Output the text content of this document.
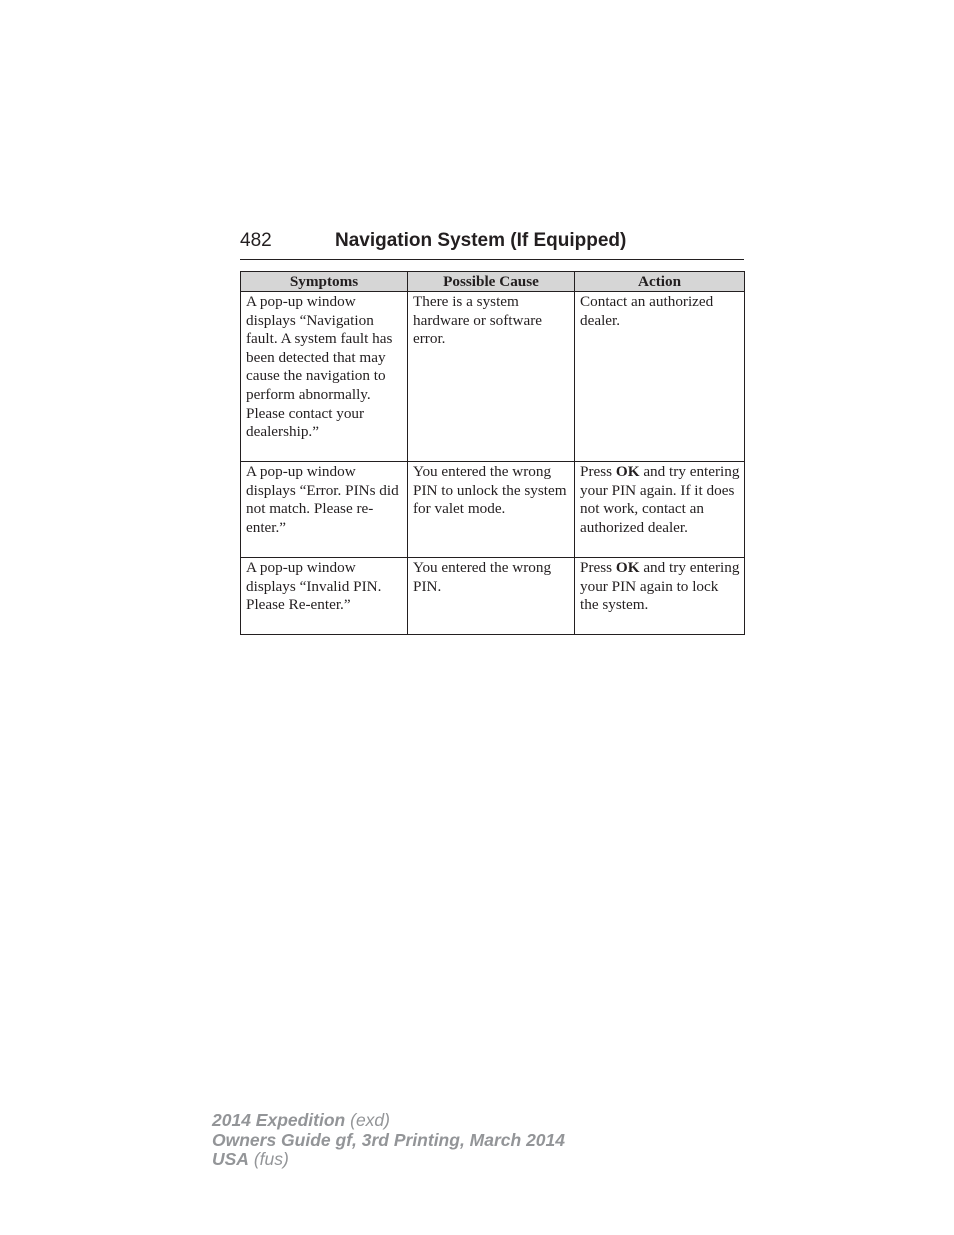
482	Navigation System (If Equipped)
Symptoms	Possible Cause	Action
A pop-up window displays “Navigation fault. A system fault has been detected that may cause the navigation to perform abnormally. Please contact your dealership.”	There is a system hardware or software error.	Contact an authorized dealer.
A pop-up window displays “Error. PINs did not match. Please re-enter.”	You entered the wrong PIN to unlock the system for valet mode.	Press OK and try entering your PIN again. If it does not work, contact an authorized dealer.
A pop-up window displays “Invalid PIN. Please Re-enter.”	You entered the wrong PIN.	Press OK and try entering your PIN again to lock the system.
2014 Expedition (exd)
Owners Guide gf, 3rd Printing, March 2014
USA (fus)
